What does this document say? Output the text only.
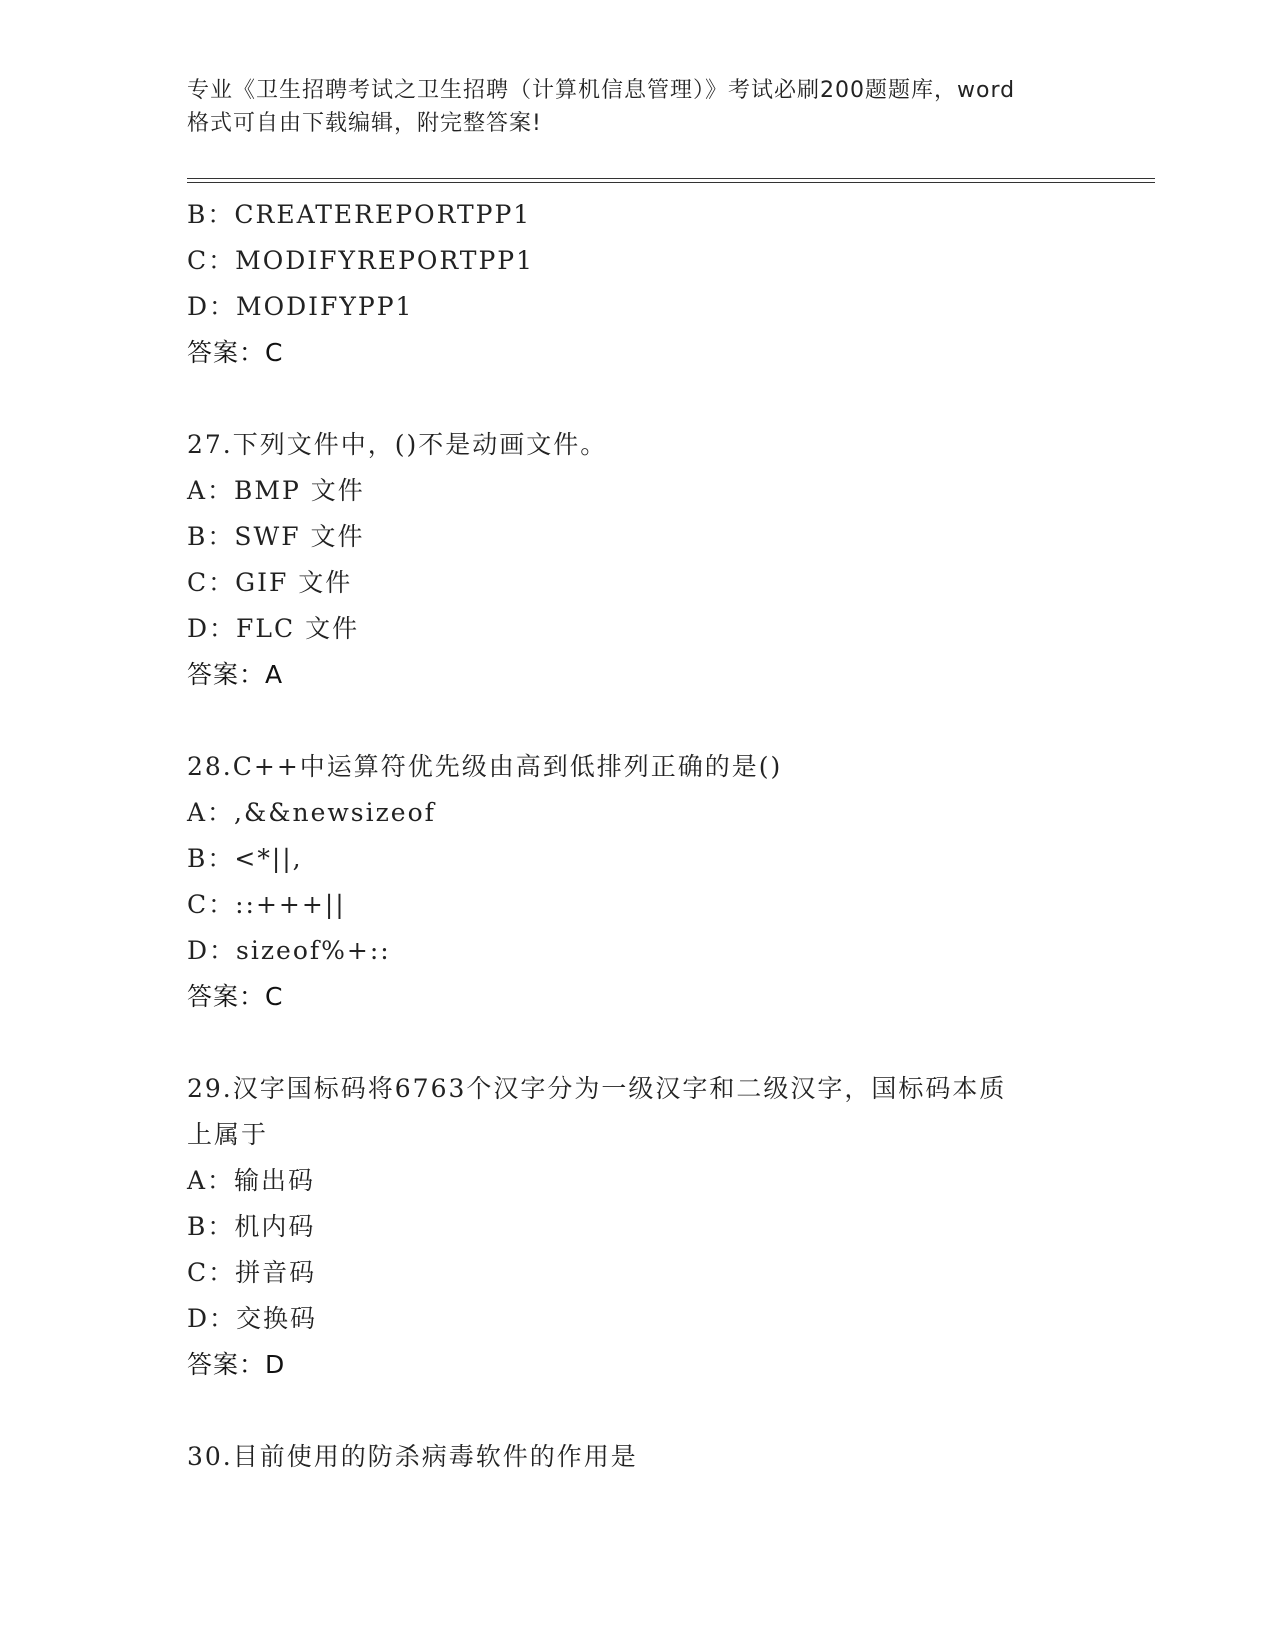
专业《卫生招聘考试之卫生招聘（计算机信息管理）》考试必刷200题题库，word
格式可自由下载编辑，附完整答案!
B：CREATEREPORTPP1
C：MODIFYREPORTPP1
D：MODIFYPP1
答案：C
27.下列文件中，()不是动画文件。
A：BMP 文件
B：SWF 文件
C：GIF 文件
D：FLC 文件
答案：A
28.C++中运算符优先级由高到低排列正确的是()
A：,&&newsizeof
B：<*||,
C：::+++||
D：sizeof%+::
答案：C
29.汉字国标码将6763个汉字分为一级汉字和二级汉字，国标码本质
上属于
A：输出码
B：机内码
C：拼音码
D：交换码
答案：D
30.目前使用的防杀病毒软件的作用是
